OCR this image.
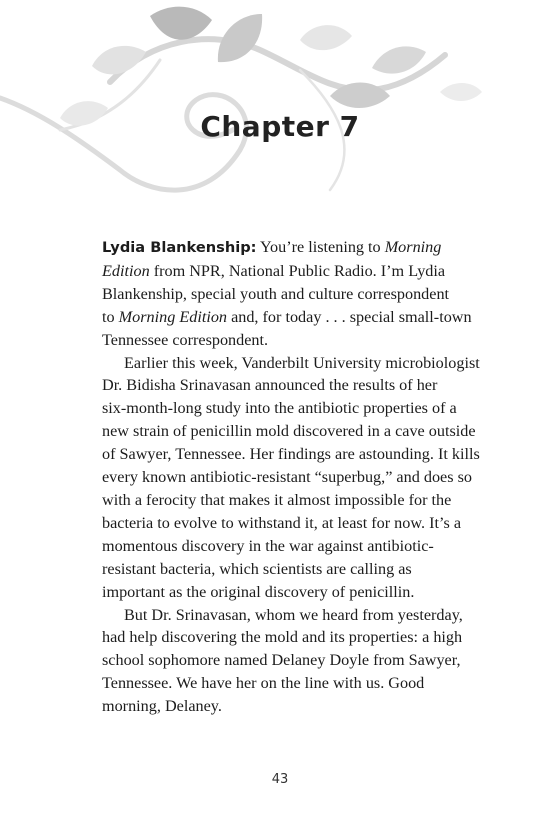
Chapter 7

Lydia Blankenship: You’re listening to Morning
Edition from NPR, National Public Radio. I’m Lydia
Blankenship, special youth and culture correspondent
to Morning Edition and, for today . . . special small-town
Tennessee correspondent.

Earlier this week, Vanderbilt University microbiologist
Dr. Bidisha Srinavasan announced the results of her
six-month-long study into the antibiotic properties of a
new strain of penicillin mold discovered in a cave outside
of Sawyer, Tennessee. Her findings are astounding. It kills
every known antibiotic-resistant “superbug,” and does so
with a ferocity that makes it almost impossible for the
bacteria to evolve to withstand it, at least for now. It’s a
momentous discovery in the war against antibiotic-
resistant bacteria, which scientists are calling as
important as the original discovery of penicillin.

But Dr. Srinavasan, whom we heard from yesterday,
had help discovering the mold and its properties: a high
school sophomore named Delaney Doyle from Sawyer,
Tennessee. We have her on the line with us. Good
morning, Delaney.

43
